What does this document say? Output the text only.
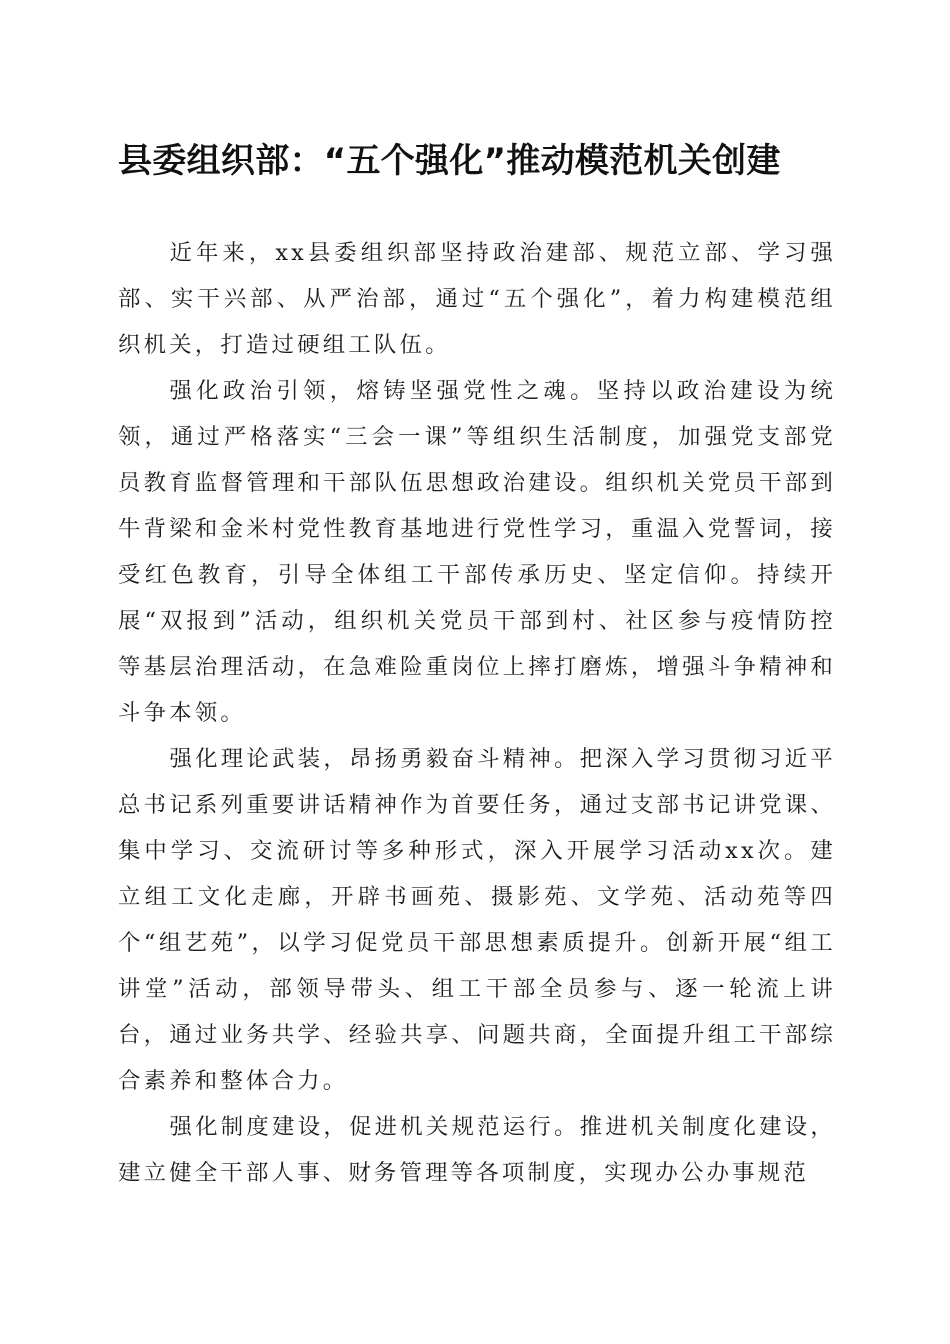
县委组织部：“五个强化”推动模范机关创建

近年来，xx县委组织部坚持政治建部、规范立部、学习强部、实干兴部、从严治部，通过“五个强化”，着力构建模范组织机关，打造过硬组工队伍。

强化政治引领，熔铸坚强党性之魂。坚持以政治建设为统领，通过严格落实“三会一课”等组织生活制度，加强党支部党员教育监督管理和干部队伍思想政治建设。组织机关党员干部到牛背梁和金米村党性教育基地进行党性学习，重温入党誓词，接受红色教育，引导全体组工干部传承历史、坚定信仰。持续开展“双报到”活动，组织机关党员干部到村、社区参与疫情防控等基层治理活动，在急难险重岗位上摔打磨炼，增强斗争精神和斗争本领。

强化理论武装，昂扬勇毅奋斗精神。把深入学习贯彻习近平总书记系列重要讲话精神作为首要任务，通过支部书记讲党课、集中学习、交流研讨等多种形式，深入开展学习活动xx次。建立组工文化走廊，开辟书画苑、摄影苑、文学苑、活动苑等四个“组艺苑”，以学习促党员干部思想素质提升。创新开展“组工讲堂”活动，部领导带头、组工干部全员参与、逐一轮流上讲台，通过业务共学、经验共享、问题共商，全面提升组工干部综合素养和整体合力。

强化制度建设，促进机关规范运行。推进机关制度化建设，建立健全干部人事、财务管理等各项制度，实现办公办事规范
